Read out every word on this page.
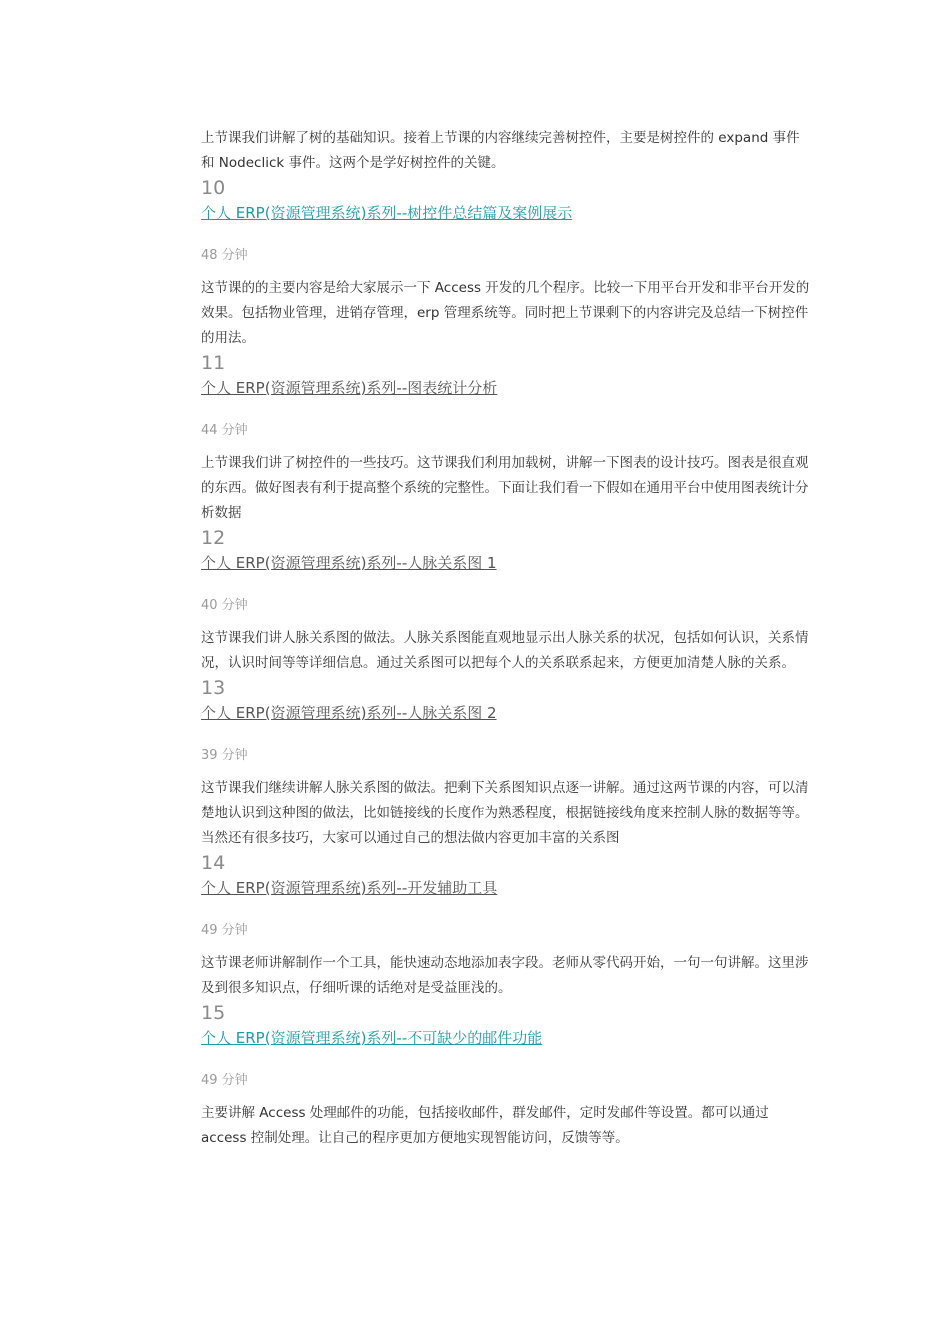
上节课我们讲解了树的基础知识。接着上节课的内容继续完善树控件，主要是树控件的 expand 事件和 Nodeclick 事件。这两个是学好树控件的关键。

10

个人 ERP(资源管理系统)系列--树控件总结篇及案例展示

48 分钟

这节课的的主要内容是给大家展示一下 Access 开发的几个程序。比较一下用平台开发和非平台开发的效果。包括物业管理，进销存管理，erp 管理系统等。同时把上节课剩下的内容讲完及总结一下树控件的用法。

11

个人 ERP(资源管理系统)系列--图表统计分析

44 分钟

上节课我们讲了树控件的一些技巧。这节课我们利用加载树，讲解一下图表的设计技巧。图表是很直观的东西。做好图表有利于提高整个系统的完整性。下面让我们看一下假如在通用平台中使用图表统计分析数据

12

个人 ERP(资源管理系统)系列--人脉关系图 1

40 分钟

这节课我们讲人脉关系图的做法。人脉关系图能直观地显示出人脉关系的状况，包括如何认识，关系情况，认识时间等等详细信息。通过关系图可以把每个人的关系联系起来，方便更加清楚人脉的关系。

13

个人 ERP(资源管理系统)系列--人脉关系图 2

39 分钟

这节课我们继续讲解人脉关系图的做法。把剩下关系图知识点逐一讲解。通过这两节课的内容，可以清楚地认识到这种图的做法，比如链接线的长度作为熟悉程度，根据链接线角度来控制人脉的数据等等。当然还有很多技巧，大家可以通过自己的想法做内容更加丰富的关系图

14

个人 ERP(资源管理系统)系列--开发辅助工具

49 分钟

这节课老师讲解制作一个工具，能快速动态地添加表字段。老师从零代码开始，一句一句讲解。这里涉及到很多知识点，仔细听课的话绝对是受益匪浅的。

15

个人 ERP(资源管理系统)系列--不可缺少的邮件功能

49 分钟

主要讲解 Access 处理邮件的功能，包括接收邮件，群发邮件，定时发邮件等设置。都可以通过 access 控制处理。让自己的程序更加方便地实现智能访问，反馈等等。
